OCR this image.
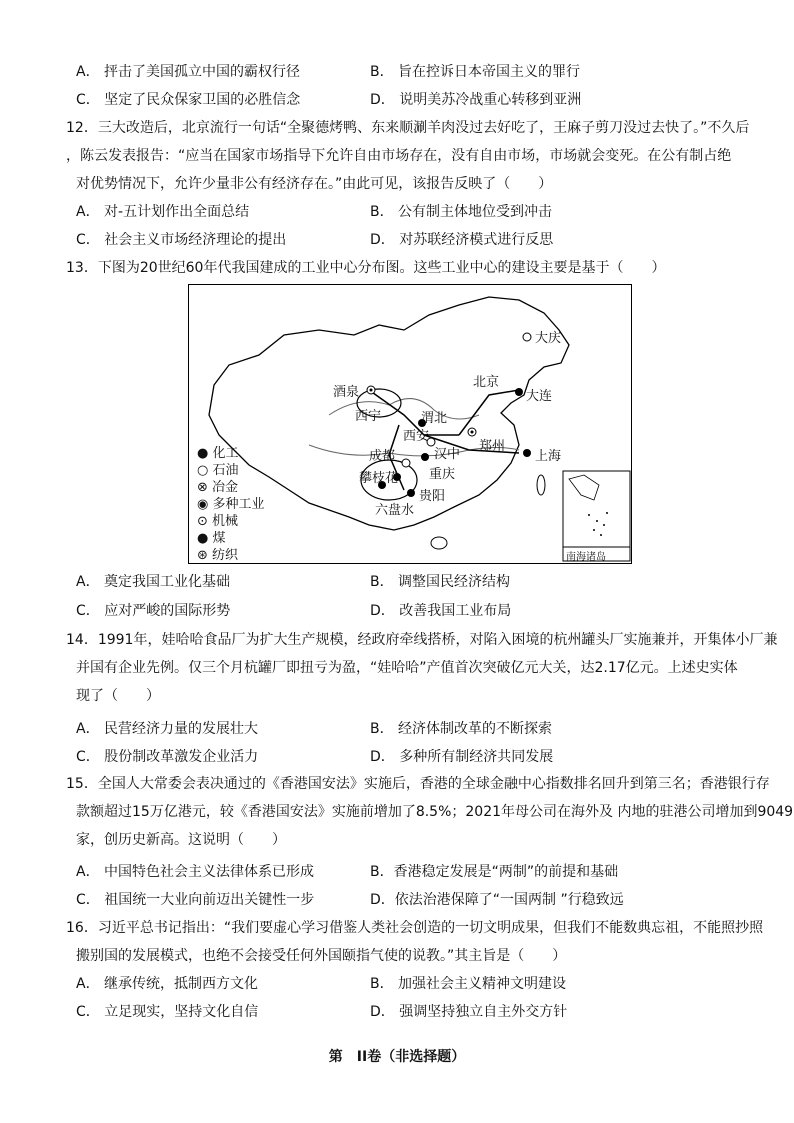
A． 抨击了美国孤立中国的霸权行径	B． 旨在控诉日本帝国主义的罪行
C． 坚定了民众保家卫国的必胜信念	D． 说明美苏冷战重心转移到亚洲
12．三大改造后，北京流行一句话“全聚德烤鸭、东来顺涮羊肉没过去好吃了，王麻子剪刀没过去快了。”不久后
，陈云发表报告：“应当在国家市场指导下允许自由市场存在，没有自由市场，市场就会变死。在公有制占绝
对优势情况下，允许少量非公有经济存在。”由此可见，该报告反映了（　　）
A． 对-五计划作出全面总结	B． 公有制主体地位受到冲击
C． 社会主义市场经济理论的提出	D． 对苏联经济模式进行反思
13．下图为20世纪60年代我国建成的工业中心分布图。这些工业中心的建设主要是基于（　　）
大庆
北京
大连
酒泉
西宁	渭北
西安
郑州
汉中
成都
重庆
攀枝花
贵阳
六盘水
上海
南海诸岛
● 化工
○ 石油
⊗ 冶金
◉ 多种工业
⊙ 机械
● 煤
⊛ 纺织
A． 奠定我国工业化基础	B． 调整国民经济结构
C． 应对严峻的国际形势	D． 改善我国工业布局
14．1991年，娃哈哈食品厂为扩大生产规模，经政府牵线搭桥，对陷入困境的杭州罐头厂实施兼并，开集体小厂兼
并国有企业先例。仅三个月杭罐厂即扭亏为盈，“娃哈哈”产值首次突破亿元大关，达2.17亿元。上述史实体
现了（　　）
A． 民营经济力量的发展壮大	B． 经济体制改革的不断探索
C． 股份制改革激发企业活力	D． 多种所有制经济共同发展
15．全国人大常委会表决通过的《香港国安法》实施后，香港的全球金融中心指数排名回升到第三名；香港银行存
款额超过15万亿港元，较《香港国安法》实施前增加了8.5%；2021年母公司在海外及 内地的驻港公司增加到9049
家，创历史新高。这说明（　　）
A． 中国特色社会主义法律体系已形成	B．香港稳定发展是“两制”的前提和基础
C． 祖国统一大业向前迈出关键性一步	D．依法治港保障了“一国两制 ”行稳致远
16．习近平总书记指出：“我们要虚心学习借鉴人类社会创造的一切文明成果，但我们不能数典忘祖，不能照抄照
搬别国的发展模式，也绝不会接受任何外国颐指气使的说教。”其主旨是（　　）
A． 继承传统，抵制西方文化	B． 加强社会主义精神文明建设
C． 立足现实，坚持文化自信	D． 强调坚持独立自主外交方针
第　II卷（非选择题）
